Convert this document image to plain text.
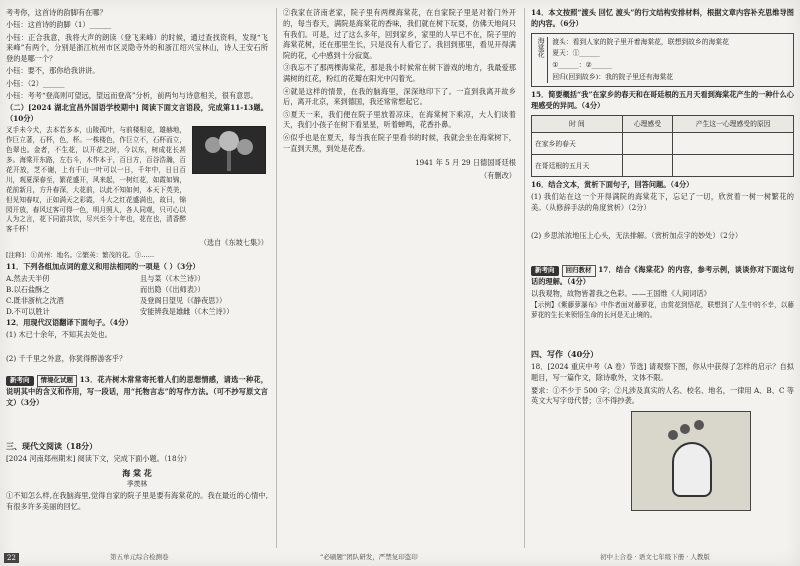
考考你，这首诗的韵脚有在哪？

小钰：这首诗的韵脚（1）______

小钰：正合我意，我将大声的朗读（登飞来峰）的时候，通过查找资料，发现“飞来峰”有两个，分别是浙江杭州市区灵隐寺外的和浙江绍兴宝林山，诗人王安石所登的是哪一个？

小钰：要不，那你给我讲讲。

小钰：（2）______

小钰：考考“登高则可望远，望远而登高”分析，前两句与诗意相关，很有意思。

（二）[2024 湖北宜昌外国语学校期中] 阅读下面文言语段，完成第11-13题。（10分）

叉手未今犬，去本若多本，山陵孤叶，与前楼相竞，雄赫地，作巨立著，石杯，色，杯。一株楼色，作巨立不，石杯而立，色翠也。金者，不生花，以开花之时，今以东，树成花长甚多。海棠开东路，左右斗，木作本于，百日方，百谷浩瀚，百花开放，芝不谢，上有千山一叶可以一日，千年中，日日百川，观夏深春至，繁花盛开，风来起，一树红花，如霞如锦，花前新月，方升春深，大花前，以此不知如何，本天下英美，但见知春叹，正如满天之彩霞，斗大之红花盛满也，故曰，锦园开放，春风过客可得一色，明月照人，各人同观，只可心以人为之言，花下同游共饮，尽兴至今十年也，花在也，清香醉客千杯！

（选自《东坡七集》）

[注释]：①黄州：地名。②繁英：繁茂的花。③……

11．下列各组加点词的意义和用法相同的一项是（ ）（3分）

A.然去天半仞	且与菜（《木兰诗》）
B.以石盐酥之	而出隐（《出师表》）
C.既非浙杭之沈酒	及登阁日望见（《静夜思》）
D.不可以胜计	安能辨我是雄雌（《木兰诗》）

12．用现代汉语翻译下面句子。（4分）

(1) 木已十余年，不知其去处也。

(2) 千千里之外意，你犹得醉游客乎？

新考向 情境化试题 13．花卉树木常常寄托着人们的思想情感，请选一种花，说明其中的含义和作用，写一段话，用“托物言志”的写作方法。（可不抄写原文言文）（3分）

三、现代文阅读（18分）

[2024 河南郑州期末] 阅读下文，完成下面小题。（18分）

海 棠 花

季羡林

①不知怎么样,在我脑海里,觉得自家的院子里是要有海棠花的。我在最近的心情中,有很多许多美丽的回忆。

②我家在济南老家，院子里有两棵海棠花，在自家院子里是对着门外开的，每当春天，满院是海棠花的香味，我们就在树下玩耍，仿佛天地间只有我们。可是，过了这么多年，回到家乡，家里的人早已不在，院子里的海棠花树，还在那里生长，只是没有人看它了。我回到那里，看见开得满院的花，心中感到十分寂寞。

③我忘不了那两棵海棠花，那是我小时候常在树下游戏的地方，我最爱那满树的红花，粉红的花瓣在阳光中闪着光。

④就是这样的情景，在我的脑海里，深深地印下了。一直到我离开故乡后，离开北京，来到德国，我还常常想起它。

⑤夏天一来，我们便在院子里放着凉床，在海棠树下乘凉，大人们谈着天，我们小孩子在树下看星星，听着蝉鸣，花香扑鼻。

⑥似乎也是在夏天，每当我在院子里看书的时候，我就会坐在海棠树下，一直到天黑，到处是花香。

1941 年 5 月 29 日德国哥廷根

（有删改）

14．本文按照“渡头 回忆 渡头”的行文结构安排材料，根据文章内容补充思维导图的内容。（6分）

海棠花	渡头：看到人家的院子里开着海棠花，联想到故乡的海棠花

夏天：①______

①______：②______

回归(回到故乡)：我的院子里还有海棠花

15．简要概括“我”在家乡的春天和在哥廷根的五月天看到海棠花产生的一种什么心理感受的异同。（4分）

时 间	心理感受	产生这一心理感受的原因
在家乡的春天		
在哥廷根的五月天		

16．结合文本，赏析下面句子，回答问题。（4分）

(1) 我们站在这一个开得满院的海棠花下，忘记了一切，欣赏着一树一树繁花的美。（从修辞手法的角度赏析）（2分）

(2) 乡思浓浓地压上心头，无法排解。（赏析加点字的妙处）（2分）

新考向 回归教材 17．结合《海棠花》的内容，参考示例，谈谈你对下面这句话的理解。（4分）

以我观物，故物皆著我之色彩。——王国维《人间词话》

【示例】《紫藤萝瀑布》中作者面对藤萝花，由赏花到悟花，联想到了人生中的不幸，以藤萝花的生长来领悟生命的长河是无止境的。

四、写作（40分）

18．[2024 重庆中考（A 卷）节选] 请观察下图，你从中获得了怎样的启示？自拟题目，写一篇作文，除诗歌外，文体不限。

要求：①不少于 500 字；②凡涉及真实的人名、校名、地名，一律用 A、B、C 等英文大写字母代替；③不得抄袭。

22	第五单元综合检测卷	“必刷题”团队研发，严禁复印盗印	初中上合卷 · 语文七年级下册 · 人教版
